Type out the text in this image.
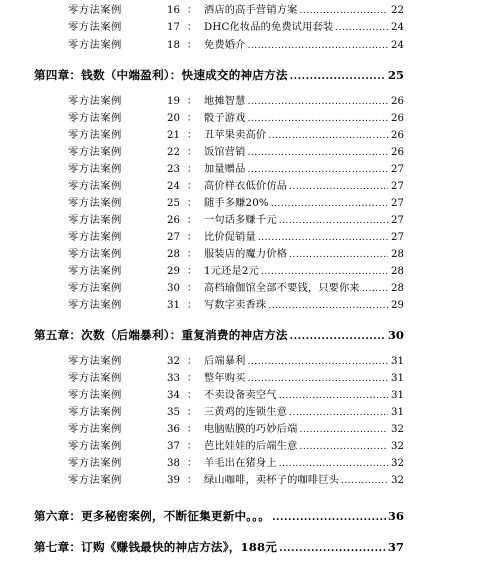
零方法案例	16 ： 酒店的高手营销方案 .....	22
零方法案例	17 ： DHC化妆品的免费试用套装 .....	24
零方法案例	18 ： 免费婚介 .....	24
第四章：钱数（中端盈利）：快速成交的神店方法 .....	25
零方法案例	19 ： 地摊智慧 .....	26
零方法案例	20 ： 骰子游戏 .....	26
零方法案例	21 ： 丑苹果卖高价 .....	26
零方法案例	22 ： 饭馆营销 .....	26
零方法案例	23 ： 加量赠品 .....	27
零方法案例	24 ： 高价样衣低价仿品 .....	27
零方法案例	25 ： 随手多赚20% .....	27
零方法案例	26 ： 一句话多赚千元 .....	27
零方法案例	27 ： 比价促销量 .....	27
零方法案例	28 ： 服装店的魔力价格 .....	28
零方法案例	29 ： 1元还是2元 .....	28
零方法案例	30 ： 高档瑜伽馆全部不要钱，只要你来 .....	28
零方法案例	31 ： 写数字卖香珠 .....	29
第五章：次数（后端暴利）：重复消费的神店方法 .....	30
零方法案例	32 ： 后端暴利 .....	31
零方法案例	33 ： 整年购买 .....	31
零方法案例	34 ： 不卖设备卖空气 .....	31
零方法案例	35 ： 三黄鸡的连锁生意 .....	31
零方法案例	36 ： 电脑贴膜的巧妙后端 .....	32
零方法案例	37 ： 芭比娃娃的后端生意 .....	32
零方法案例	38 ： 羊毛出在猪身上 .....	32
零方法案例	39 ： 绿山咖啡，卖杯子的咖啡巨头 .....	32
第六章：更多秘密案例，不断征集更新中。。。 .....	36
第七章：订购《赚钱最快的神店方法》，188元 .....	37
